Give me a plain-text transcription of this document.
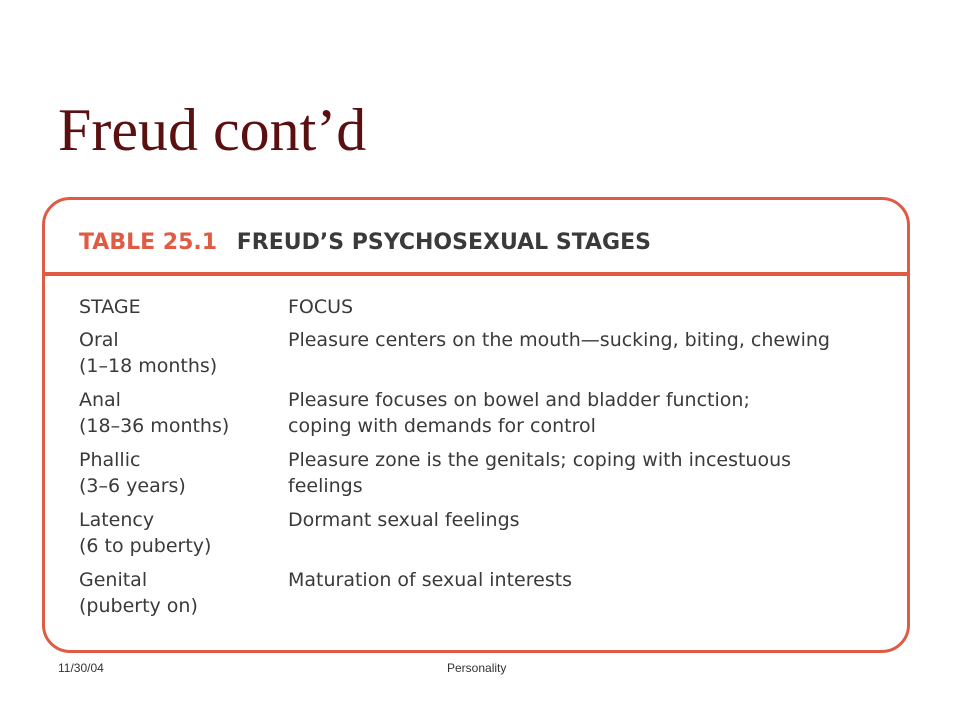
Freud cont’d
TABLE 25.1 FREUD’S PSYCHOSEXUAL STAGES
STAGE	FOCUS
Oral
(1–18 months)
Pleasure centers on the mouth—sucking, biting, chewing
Anal
(18–36 months)
Pleasure focuses on bowel and bladder function;
coping with demands for control
Phallic
(3–6 years)
Pleasure zone is the genitals; coping with incestuous
feelings
Latency
(6 to puberty)
Dormant sexual feelings
Genital
(puberty on)
Maturation of sexual interests
11/30/04	Personality
